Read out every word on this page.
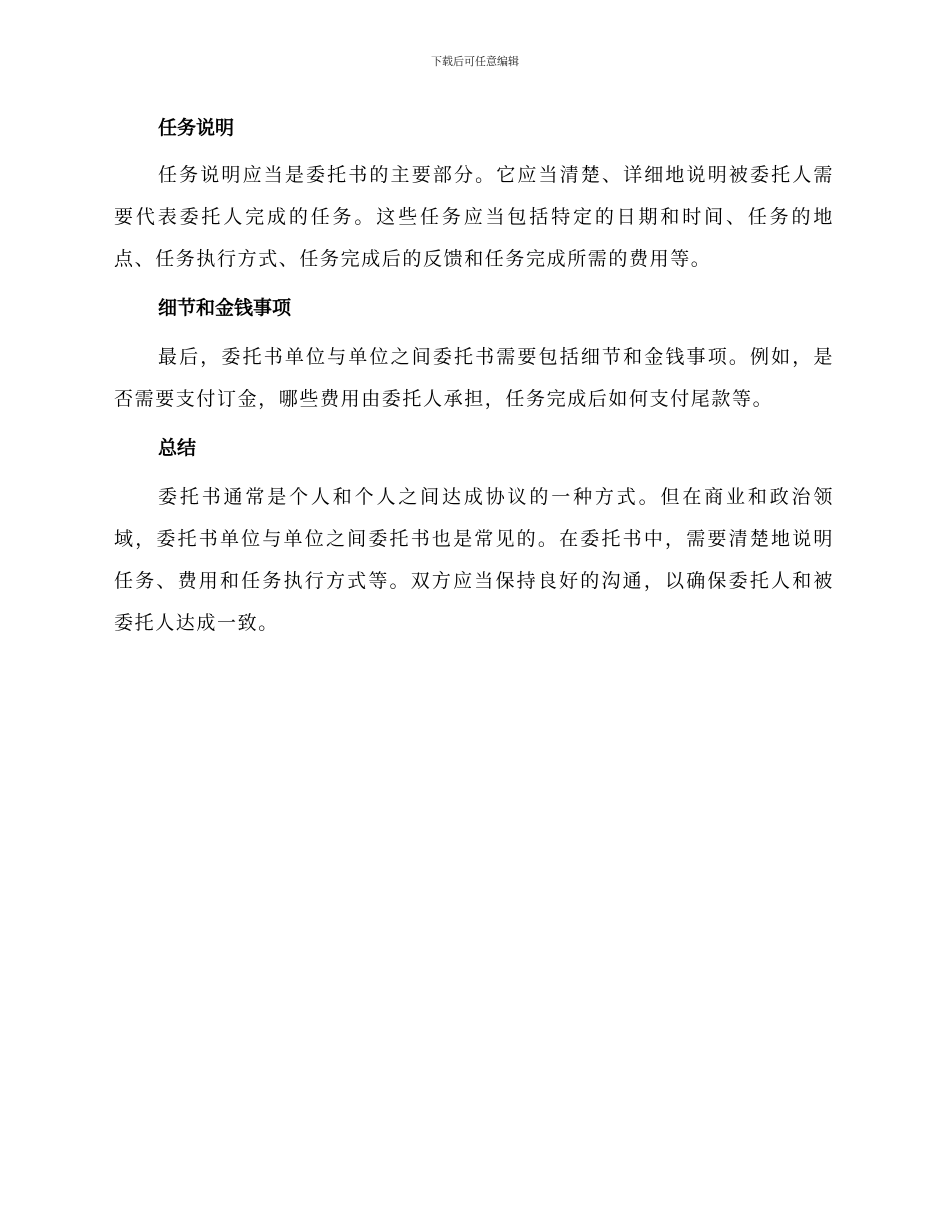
下载后可任意编辑
任务说明

任务说明应当是委托书的主要部分。它应当清楚、详细地说明被委托人需要代表委托人完成的任务。这些任务应当包括特定的日期和时间、任务的地点、任务执行方式、任务完成后的反馈和任务完成所需的费用等。

细节和金钱事项

最后，委托书单位与单位之间委托书需要包括细节和金钱事项。例如，是否需要支付订金，哪些费用由委托人承担，任务完成后如何支付尾款等。

总结

委托书通常是个人和个人之间达成协议的一种方式。但在商业和政治领域，委托书单位与单位之间委托书也是常见的。在委托书中，需要清楚地说明任务、费用和任务执行方式等。双方应当保持良好的沟通，以确保委托人和被委托人达成一致。
